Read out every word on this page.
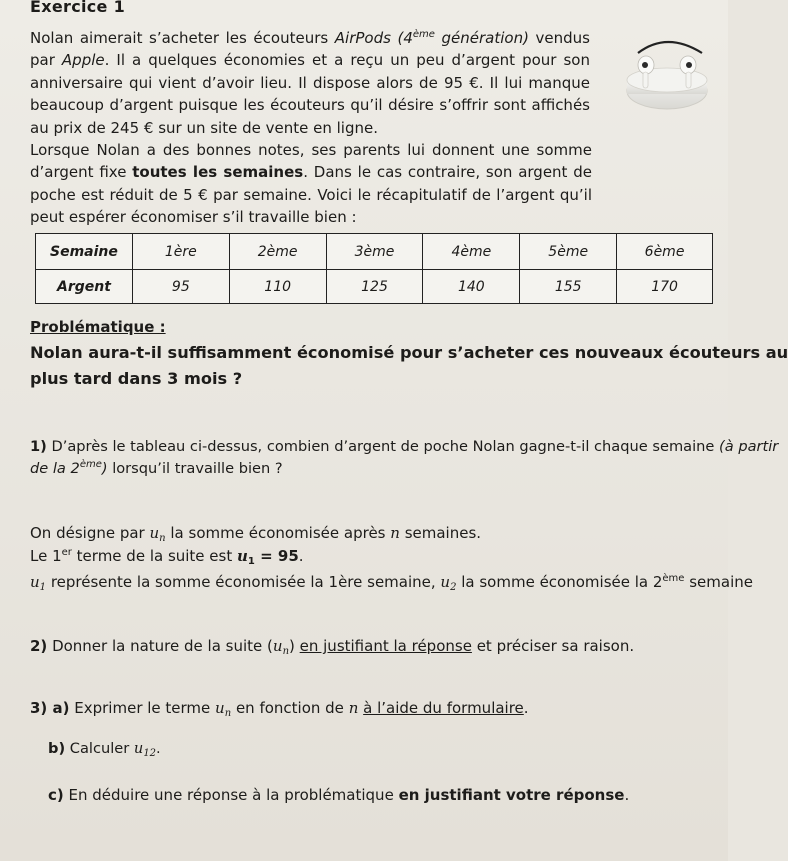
Exercice 1
Nolan aimerait s’acheter les écouteurs AirPods (4ème génération) vendus par Apple. Il a quelques économies et a reçu un peu d’argent pour son anniversaire qui vient d’avoir lieu. Il dispose alors de 95 €. Il lui manque beaucoup d’argent puisque les écouteurs qu’il désire s’offrir sont affichés au prix de 245 € sur un site de vente en ligne.
Lorsque Nolan a des bonnes notes, ses parents lui donnent une somme d’argent fixe toutes les semaines. Dans le cas contraire, son argent de poche est réduit de 5 € par semaine. Voici le récapitulatif de l’argent qu’il peut espérer économiser s’il travaille bien :
Semaine	1ère	2ème	3ème	4ème	5ème	6ème
Argent	95	110	125	140	155	170
Problématique :
Nolan aura-t-il suffisamment économisé pour s’acheter ces nouveaux écouteurs au
plus tard dans 3 mois ?
1) D’après le tableau ci-dessus, combien d’argent de poche Nolan gagne-t-il chaque semaine (à partir
de la 2ème) lorsqu’il travaille bien ?
On désigne par $u_n$ la somme économisée après n semaines.
Le 1er terme de la suite est $u_1 = 95$.
$u_1$ représente la somme économisée la 1ère semaine, $u_2$ la somme économisée la 2ème semaine
2) Donner la nature de la suite $(u_n)$ en justifiant la réponse et préciser sa raison.
3) a) Exprimer le terme $u_n$ en fonction de n à l’aide du formulaire.
b) Calculer $u_{12}$.
c) En déduire une réponse à la problématique en justifiant votre réponse.
